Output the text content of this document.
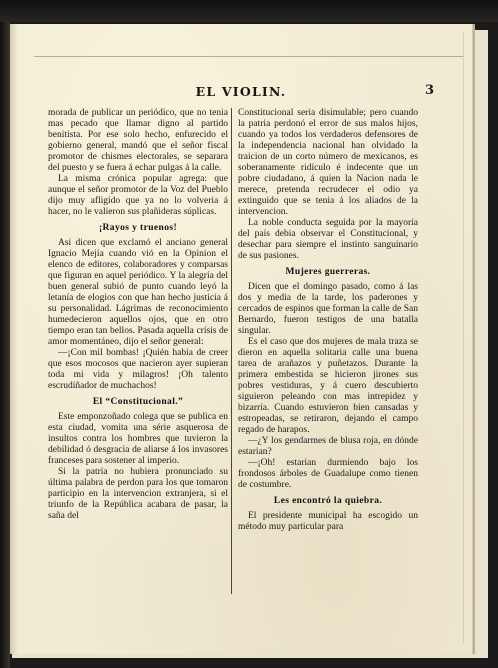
EL VIOLIN.	3

morada de publicar un periódico, que no tenia mas pecado que llamar digno al partido benitista. Por ese solo hecho, enfurecido el gobierno general, mandó que el señor fiscal promotor de chismes electorales, se separara del puesto y se fuera á echar pulgas á la calle.

La misma crónica popular agrega: que aunque el señor promotor de la Voz del Pueblo dijo muy afligido que ya no lo volveria á hacer, no le valieron sus plañideras súplicas.

¡Rayos y truenos!

Así dicen que exclamó el anciano general Ignacio Mejía cuando vió en la Opinion el elenco de editores, colaboradores y comparsas que figuran en aquel periódico. Y la alegría del buen general subió de punto cuando leyó la letanía de elogios con que han hecho justicia á su personalidad. Lágrimas de reconocimiento humedecieron aquellos ojos, que en otro tiempo eran tan bellos. Pasada aquella crísis de amor momentáneo, dijo el señor general:

—¡Con mil bombas! ¡Quién habia de creer que esos mocosos que nacieron ayer supieran toda mi vida y milagros! ¡Oh talento escrudiñador de muchachos!

El “Constitucional.”

Este emponzoñado colega que se publica en esta ciudad, vomita una série asquerosa de insultos contra los hombres que tuvieron la debilidad ó desgracia de aliarse á los invasores franceses para sostener al imperio.

Si la patria no hubiera pronunciado su última palabra de perdon para los que tomaron participio en la intervencion extranjera, si el triunfo de la República acabara de pasar, la saña del

Constitucional seria disimulable; pero cuando la patria perdonó el error de sus malos hijos, cuando ya todos los verdaderos defensores de la independencia nacional han olvidado la traicion de un corto número de mexicanos, es soberanamente ridículo é indecente que un pobre ciudadano, á quien la Nacion nada le merece, pretenda recrudecer el odio ya extinguido que se tenia á los aliados de la intervencion.

La noble conducta seguida por la mayoría del país debia observar el Constitucional, y desechar para siempre el instinto sanguinario de sus pasiones.

Mujeres guerreras.

Dicen que el domingo pasado, como á las dos y media de la tarde, los paderones y cercados de espinos que forman la calle de San Bernardo, fueron testigos de una batalla singular.

Es el caso que dos mujeres de mala traza se dieron en aquella solitaria calle una buena tarea de arañazos y puñetazos. Durante la primera embestida se hicieron jirones sus pobres vestiduras, y á cuero descubierto siguieron peleando con mas intrepidez y bizarría. Cuando estuvieron bien cansadas y estropeadas, se retiraron, dejando el campo regado de harapos.

—¿Y los gendarmes de blusa roja, en dónde estarian?

—¡Oh! estarian durmiendo bajo los frondosos árboles de Guadalupe como tienen de costumbre.

Les encontró la quiebra.

El presidente municipal ha escogido un método muy particular para
